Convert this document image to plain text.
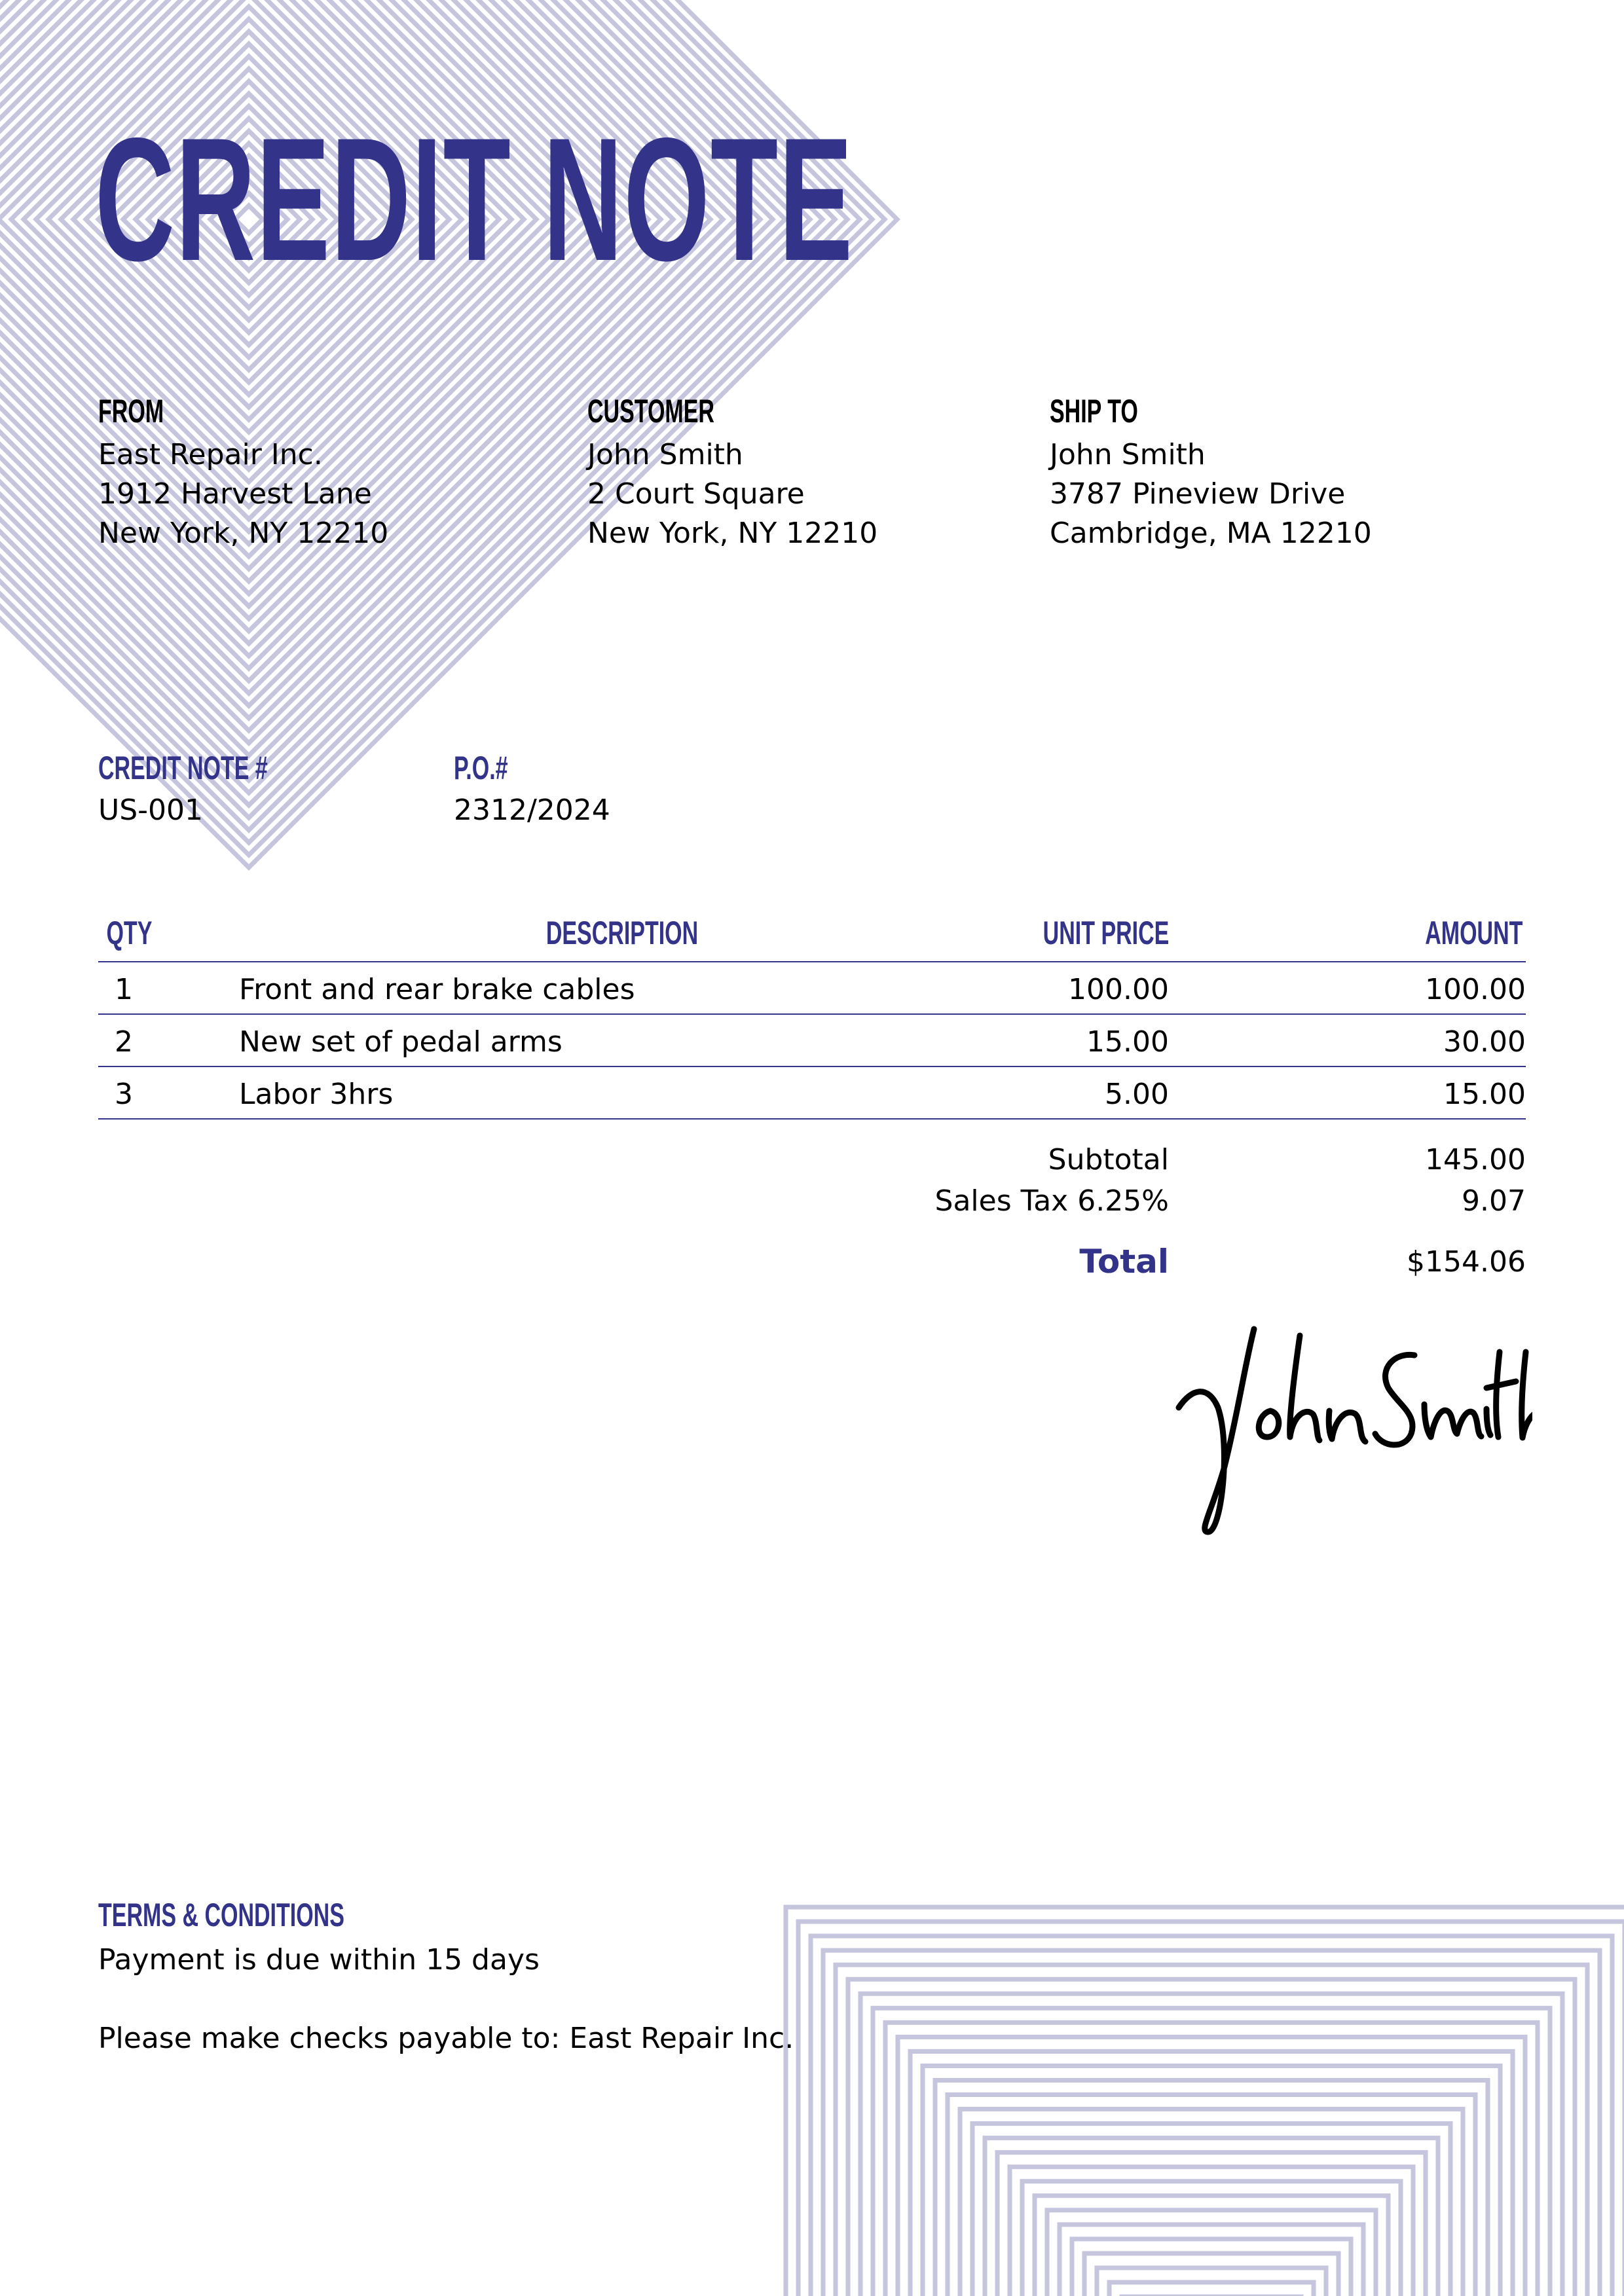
CREDIT NOTE
FROM
East Repair Inc.
1912 Harvest Lane
New York, NY 12210
CUSTOMER
John Smith
2 Court Square
New York, NY 12210
SHIP TO
John Smith
3787 Pineview Drive
Cambridge, MA 12210
CREDIT NOTE #
US-001
P.O.#
2312/2024
QTY	DESCRIPTION	UNIT PRICE	AMOUNT
1	Front and rear brake cables	100.00	100.00
2	New set of pedal arms	15.00	30.00
3	Labor 3hrs	5.00	15.00
Subtotal	145.00
Sales Tax 6.25%	9.07
Total	$154.06
TERMS & CONDITIONS
Payment is due within 15 days
Please make checks payable to: East Repair Inc.
